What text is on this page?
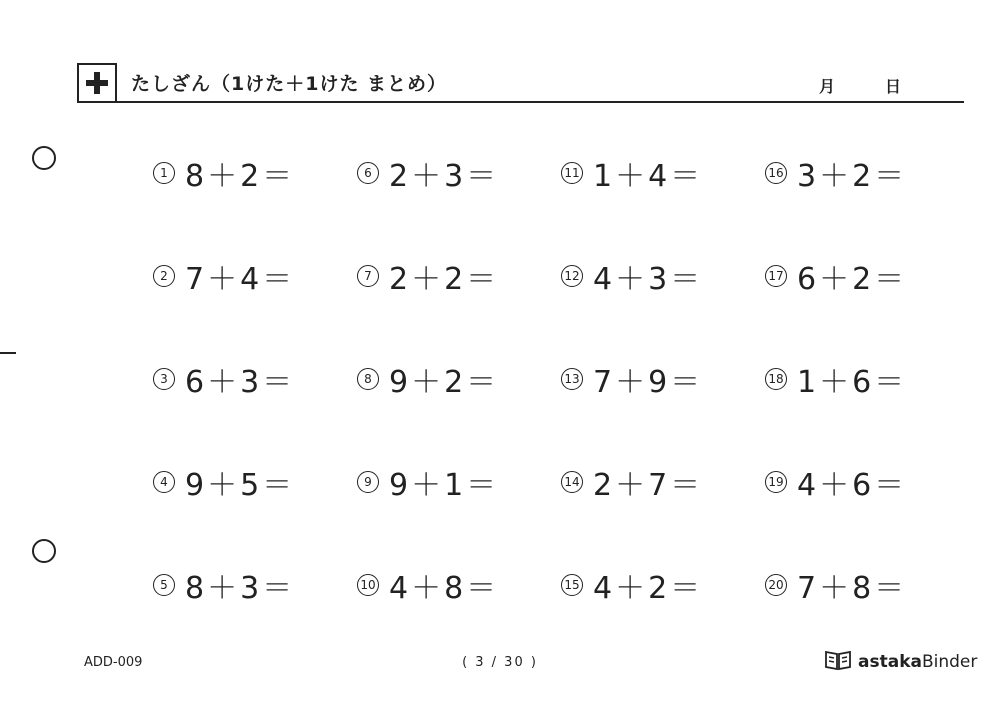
たしざん（1けた＋1けた まとめ）	月	日
1 8＋2＝	6 2＋3＝	11 1＋4＝	16 3＋2＝
2 7＋4＝	7 2＋2＝	12 4＋3＝	17 6＋2＝
3 6＋3＝	8 9＋2＝	13 7＋9＝	18 1＋6＝
4 9＋5＝	9 9＋1＝	14 2＋7＝	19 4＋6＝
5 8＋3＝	10 4＋8＝	15 4＋2＝	20 7＋8＝
ADD-009	( 3 / 30 )	astakaBinder
